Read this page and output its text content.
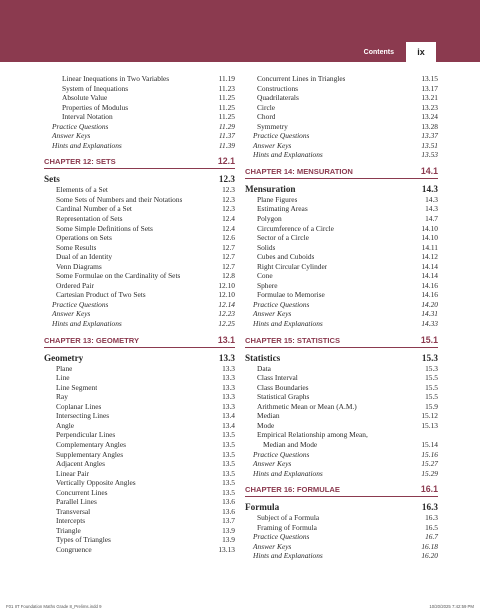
Contents	ix
Linear Inequations in Two Variables	11.19
System of Inequations	11.23
Absolute Value	11.25
Properties of Modulus	11.25
Interval Notation	11.25
Practice Questions	11.29
Answer Keys	11.37
Hints and Explanations	11.39
CHAPTER 12: SETS	12.1
Sets	12.3
Elements of a Set	12.3
Some Sets of Numbers and their Notations	12.3
Cardinal Number of a Set	12.3
Representation of Sets	12.4
Some Simple Definitions of Sets	12.4
Operations on Sets	12.6
Some Results	12.7
Dual of an Identity	12.7
Venn Diagrams	12.7
Some Formulae on the Cardinality of Sets	12.8
Ordered Pair	12.10
Cartesian Product of Two Sets	12.10
Practice Questions	12.14
Answer Keys	12.23
Hints and Explanations	12.25
CHAPTER 13: GEOMETRY	13.1
Geometry	13.3
Plane	13.3
Line	13.3
Line Segment	13.3
Ray	13.3
Coplanar Lines	13.3
Intersecting Lines	13.4
Angle	13.4
Perpendicular Lines	13.5
Complementary Angles	13.5
Supplementary Angles	13.5
Adjacent Angles	13.5
Linear Pair	13.5
Vertically Opposite Angles	13.5
Concurrent Lines	13.5
Parallel Lines	13.6
Transversal	13.6
Intercepts	13.7
Triangle	13.9
Types of Triangles	13.9
Congruence	13.13
Concurrent Lines in Triangles	13.15
Constructions	13.17
Quadrilaterals	13.21
Circle	13.23
Chord	13.24
Symmetry	13.28
Practice Questions	13.37
Answer Keys	13.51
Hints and Explanations	13.53
CHAPTER 14: MENSURATION	14.1
Mensuration	14.3
Plane Figures	14.3
Estimating Areas	14.3
Polygon	14.7
Circumference of a Circle	14.10
Sector of a Circle	14.10
Solids	14.11
Cubes and Cuboids	14.12
Right Circular Cylinder	14.14
Cone	14.14
Sphere	14.16
Formulae to Memorise	14.16
Practice Questions	14.20
Answer Keys	14.31
Hints and Explanations	14.33
CHAPTER 15: STATISTICS	15.1
Statistics	15.3
Data	15.3
Class Interval	15.5
Class Boundaries	15.5
Statistical Graphs	15.5
Arithmetic Mean or Mean (A.M.)	15.9
Median	15.12
Mode	15.13
Empirical Relationship among Mean,
Median and Mode	15.14
Practice Questions	15.16
Answer Keys	15.27
Hints and Explanations	15.29
CHAPTER 16: FORMULAE	16.1
Formula	16.3
Subject of a Formula	16.3
Framing of Formula	16.5
Practice Questions	16.7
Answer Keys	16.18
Hints and Explanations	16.20
F01 IIT Foundation Maths Grade 8_Prelims.indd 9	10/20/2025 7:42:59 PM
